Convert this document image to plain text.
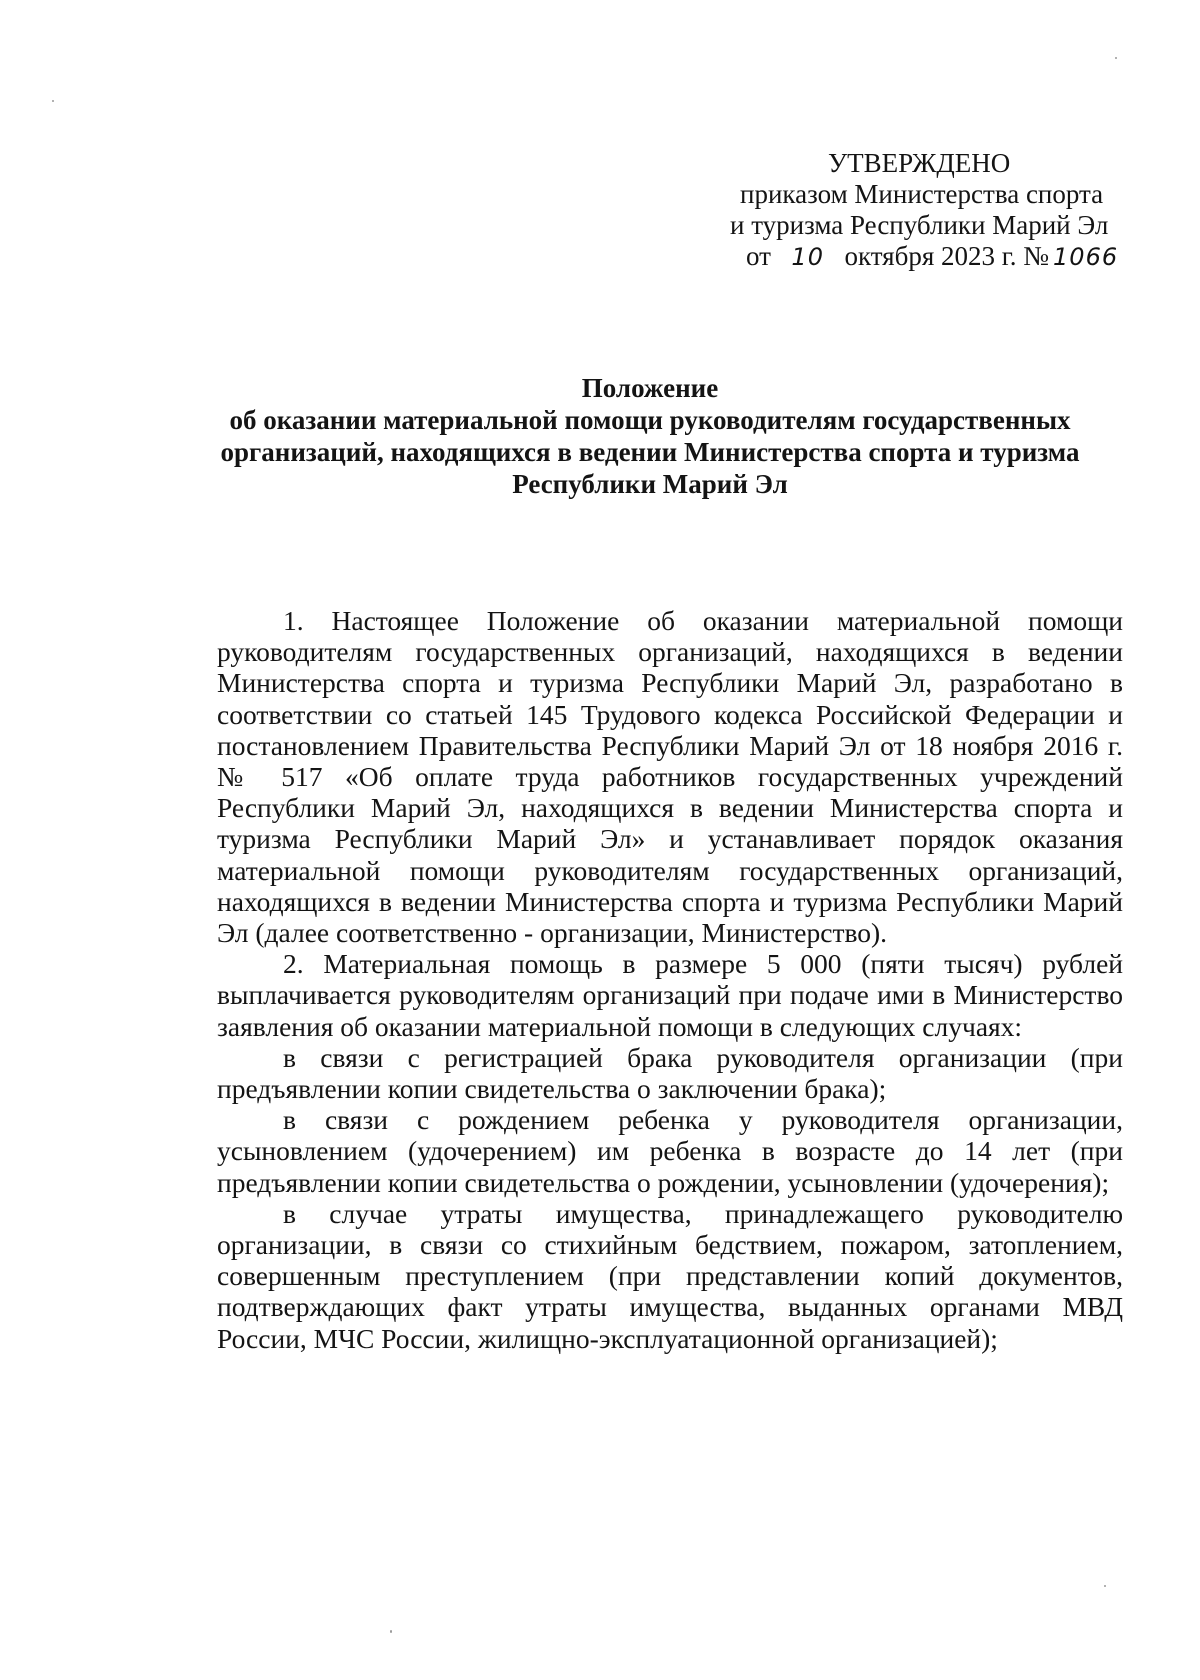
УТВЕРЖДЕНО
приказом Министерства спорта
и туризма Республики Марий Эл
от 10 октября 2023 г. № 1066
Положение
об оказании материальной помощи руководителям государственных
организаций, находящихся в ведении Министерства спорта и туризма
Республики Марий Эл

1. Настоящее Положение об оказании материальной помощи руководителям государственных организаций, находящихся в ведении Министерства спорта и туризма Республики Марий Эл, разработано в соответствии со статьей 145 Трудового кодекса Российской Федерации и постановлением Правительства Республики Марий Эл от 18 ноября 2016 г. № 517 «Об оплате труда работников государственных учреждений Республики Марий Эл, находящихся в ведении Министерства спорта и туризма Республики Марий Эл» и устанавливает порядок оказания материальной помощи руководителям государственных организаций, находящихся в ведении Министерства спорта и туризма Республики Марий Эл (далее соответственно - организации, Министерство).

2. Материальная помощь в размере 5 000 (пяти тысяч) рублей выплачивается руководителям организаций при подаче ими в Министерство заявления об оказании материальной помощи в следующих случаях:

в связи с регистрацией брака руководителя организации (при предъявлении копии свидетельства о заключении брака);

в связи с рождением ребенка у руководителя организации, усыновлением (удочерением) им ребенка в возрасте до 14 лет (при предъявлении копии свидетельства о рождении, усыновлении (удочерения);

в случае утраты имущества, принадлежащего руководителю организации, в связи со стихийным бедствием, пожаром, затоплением, совершенным преступлением (при представлении копий документов, подтверждающих факт утраты имущества, выданных органами МВД России, МЧС России, жилищно-эксплуатационной организацией);
